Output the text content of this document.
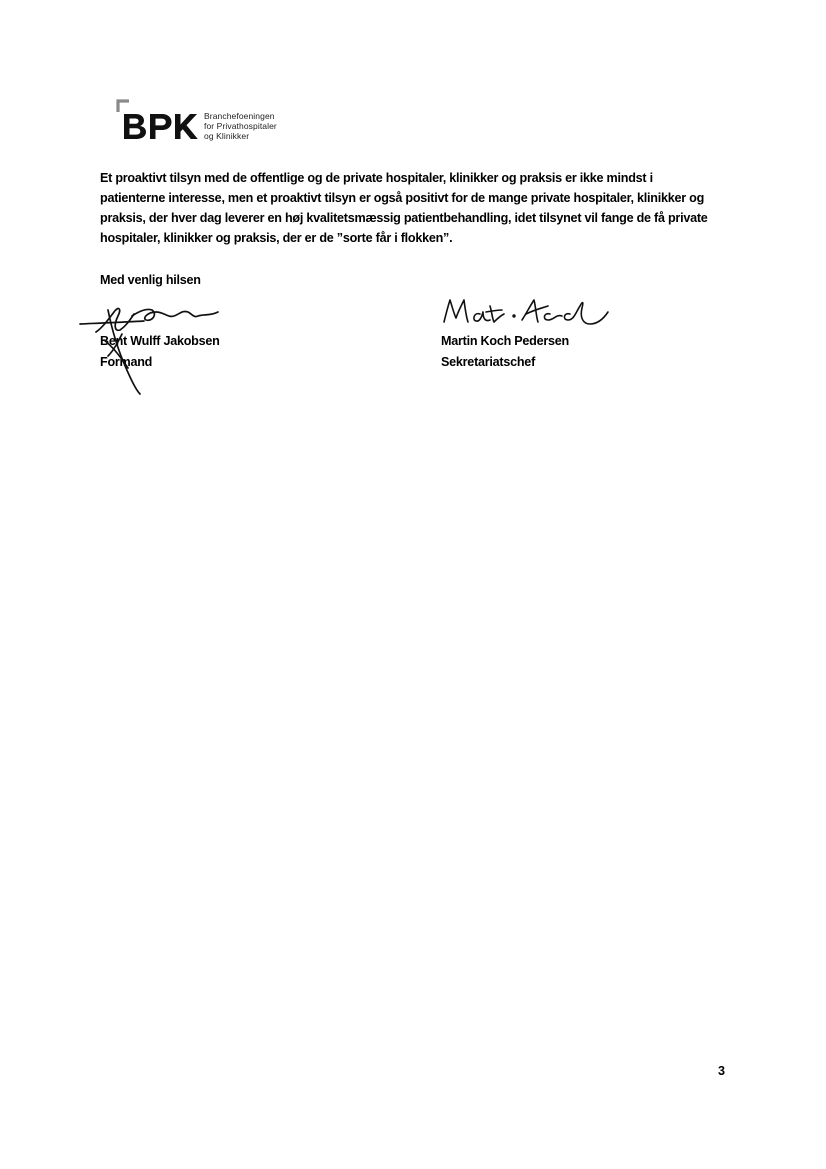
Branchefoeningen
for Privathospitaler
og Klinikker
Et proaktivt tilsyn med de offentlige og de private hospitaler, klinikker og praksis er ikke mindst i
patienterne interesse, men et proaktivt tilsyn er også positivt for de mange private hospitaler, klinikker og
praksis, der hver dag leverer en høj kvalitetsmæssig patientbehandling, idet tilsynet vil fange de få private
hospitaler, klinikker og praksis, der er de ”sorte får i flokken”.
Med venlig hilsen
Bent Wulff Jakobsen
Formand
Martin Koch Pedersen
Sekretariatschef
3
